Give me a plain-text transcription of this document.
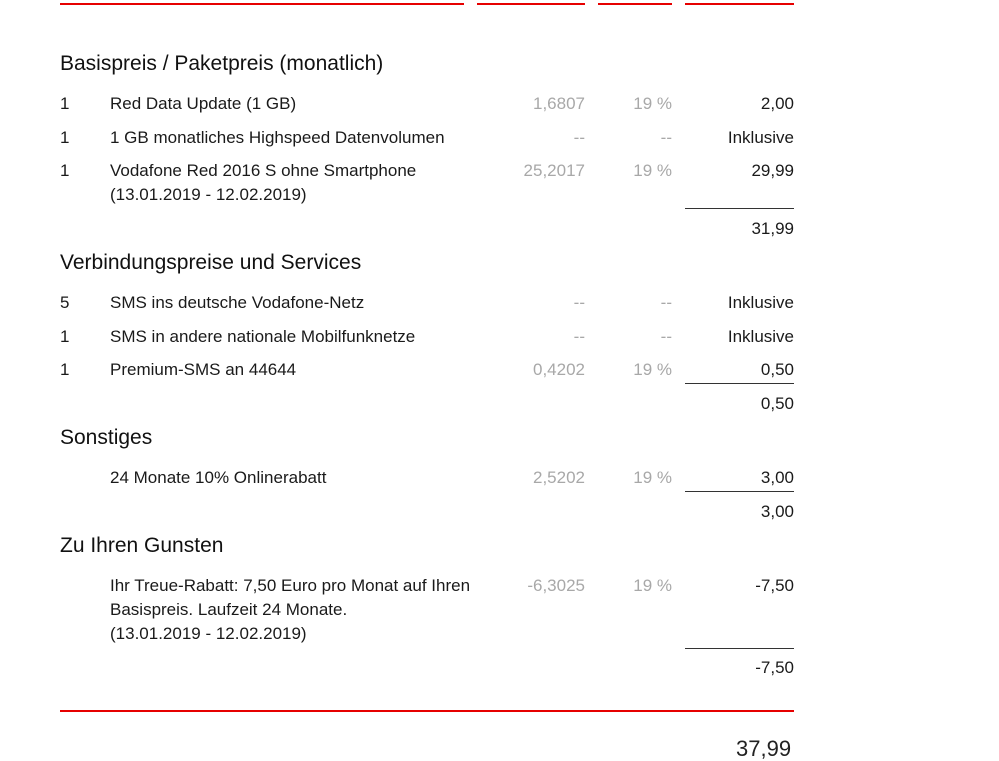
Basispreis / Paketpreis (monatlich)
1 Red Data Update (1 GB)	1,6807	19 %	2,00
1 1 GB monatliches Highspeed Datenvolumen	--	--	Inklusive
1 Vodafone Red 2016 S ohne Smartphone
(13.01.2019 - 12.02.2019)
25,2017	19 %	29,99
31,99
Verbindungspreise und Services
5 SMS ins deutsche Vodafone-Netz	--	--	Inklusive
1 SMS in andere nationale Mobilfunknetze	--	--	Inklusive
1 Premium-SMS an 44644	0,4202	19 %	0,50
0,50
Sonstiges
24 Monate 10% Onlinerabatt	2,5202	19 %	3,00
3,00
Zu Ihren Gunsten
Ihr Treue-Rabatt: 7,50 Euro pro Monat auf Ihren
Basispreis. Laufzeit 24 Monate.
(13.01.2019 - 12.02.2019)
-6,3025	19 %	-7,50
-7,50
37,99
